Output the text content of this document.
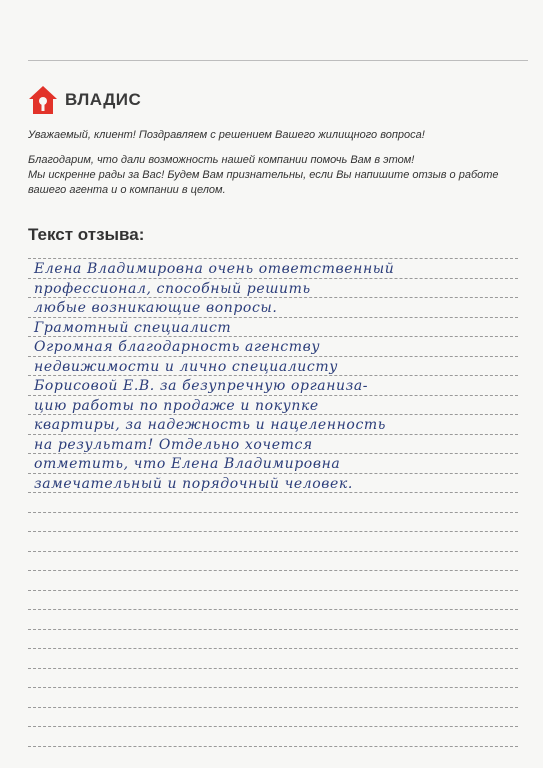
ВЛАДИС

Уважаемый, клиент! Поздравляем с решением Вашего жилищного вопроса!

Благодарим, что дали возможность нашей компании помочь Вам в этом!

Мы искренне рады за Вас! Будем Вам признательны, если Вы напишите отзыв о работе

вашего агента и о компании в целом.

Текст отзыва:
Елена Владимировна очень ответственный
профессионал, способный решить
любые возникающие вопросы.
Грамотный специалист
Огромная благодарность агенству
недвижимости и лично специалисту
Борисовой Е.В. за безупречную организа-
цию работы по продаже и покупке
квартиры, за надежность и нацеленность
на результат! Отдельно хочется
отметить, что Елена Владимировна
замечательный и порядочный человек.
